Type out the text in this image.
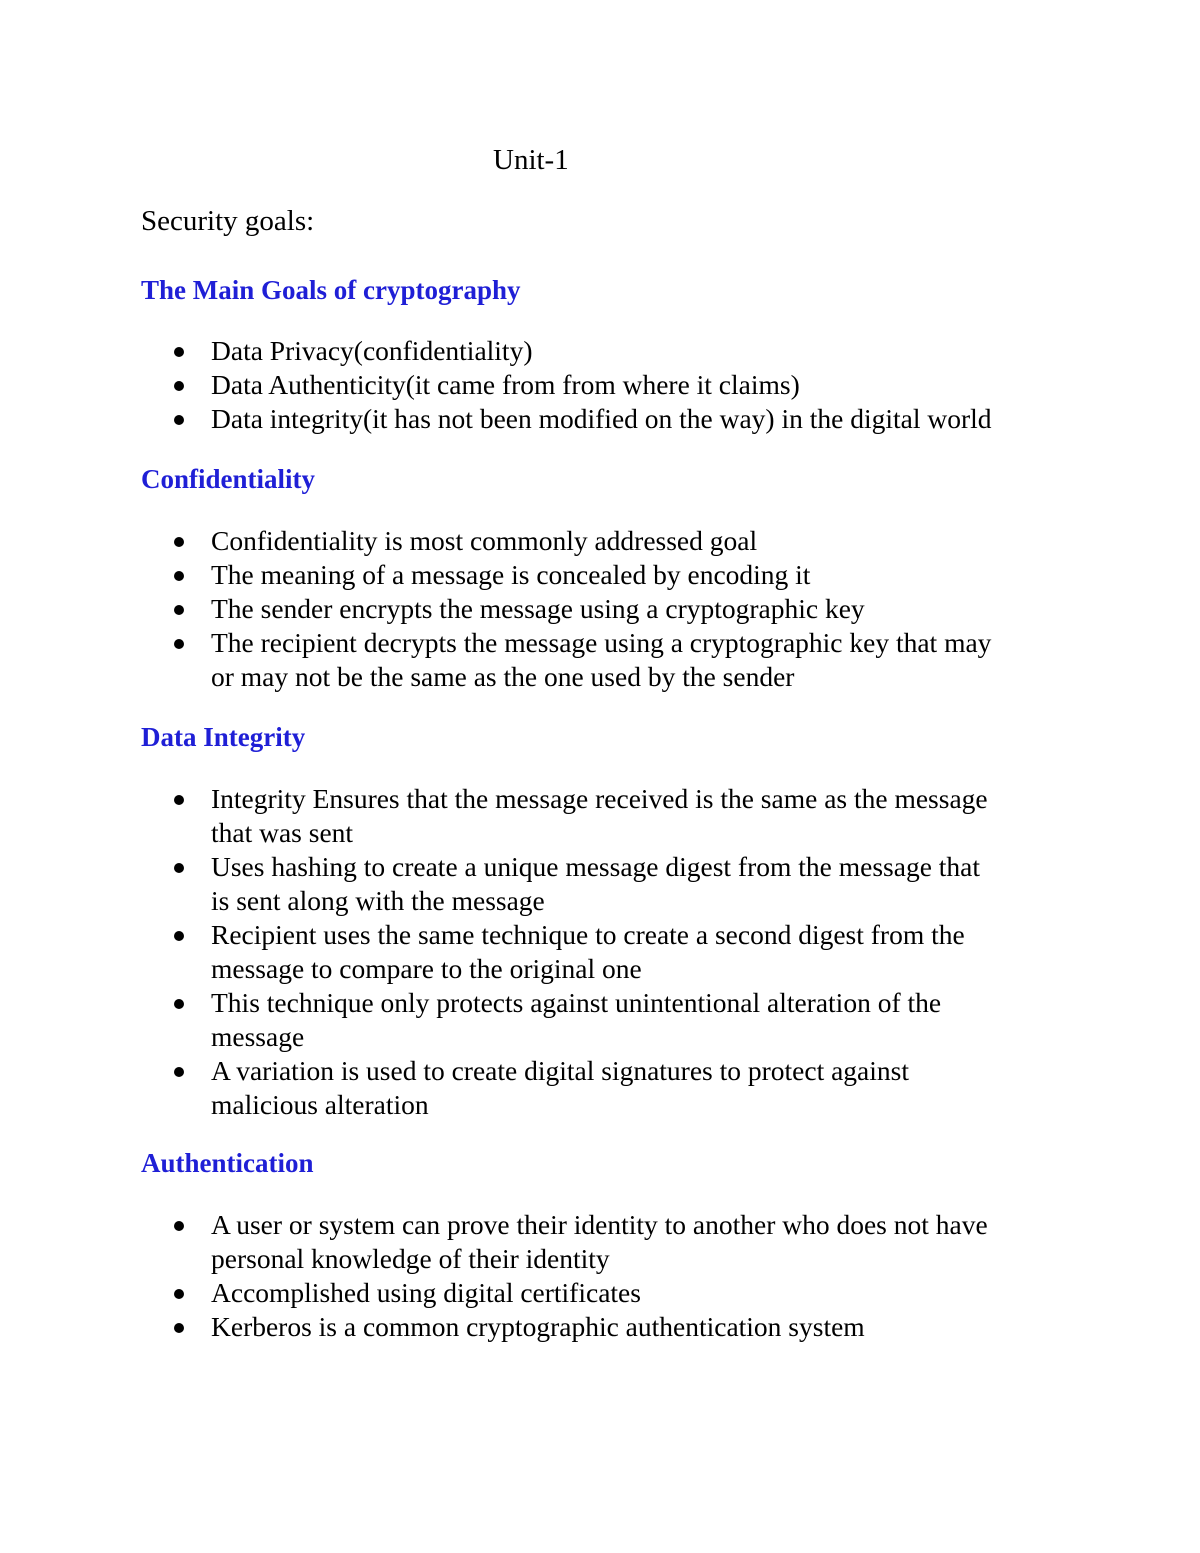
Unit-1

Security goals:

The Main Goals of cryptography
Data Privacy(confidentiality)
Data Authenticity(it came from from where it claims)
Data integrity(it has not been modified on the way) in the digital world
Confidentiality
Confidentiality is most commonly addressed goal
The meaning of a message is concealed by encoding it
The sender encrypts the message using a cryptographic key
The recipient decrypts the message using a cryptographic key that may
or may not be the same as the one used by the sender
Data Integrity
Integrity Ensures that the message received is the same as the message
that was sent
Uses hashing to create a unique message digest from the message that
is sent along with the message
Recipient uses the same technique to create a second digest from the
message to compare to the original one
This technique only protects against unintentional alteration of the
message
A variation is used to create digital signatures to protect against
malicious alteration
Authentication
A user or system can prove their identity to another who does not have
personal knowledge of their identity
Accomplished using digital certificates
Kerberos is a common cryptographic authentication system
